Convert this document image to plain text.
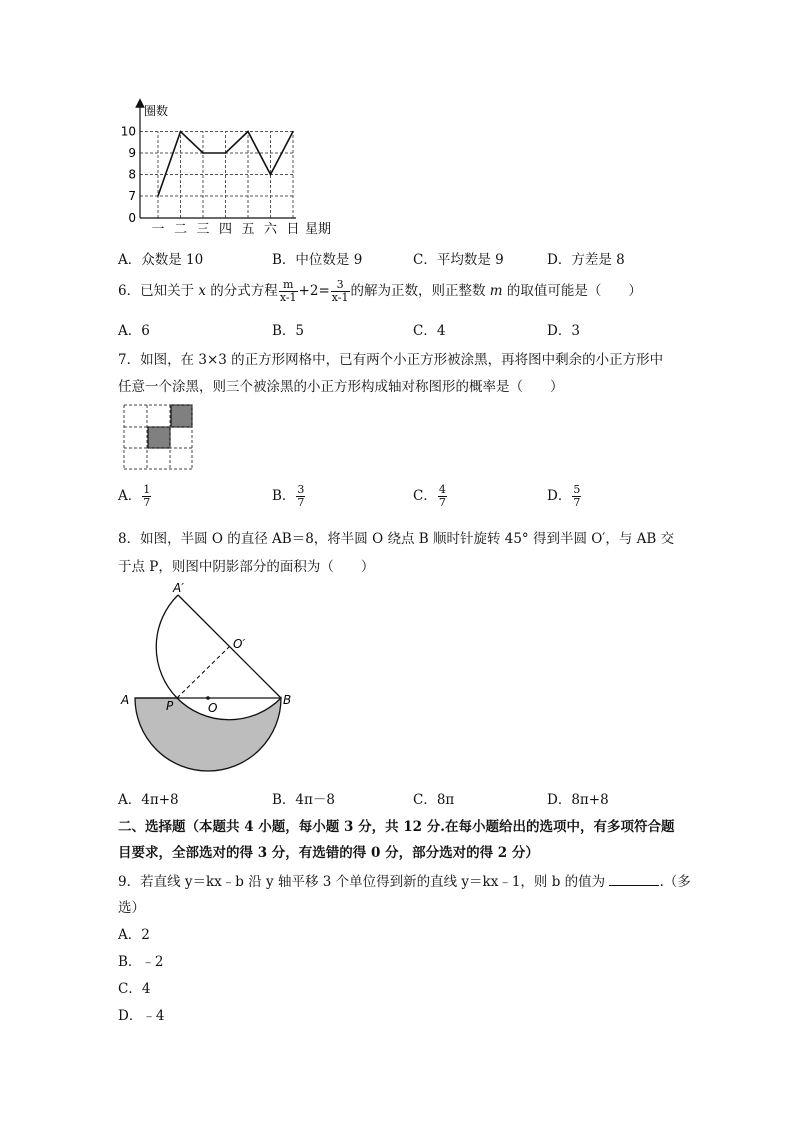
圈数
10
9
8
7
0
一 二 三 四 五 六 日 星期
A．众数是 10	B．中位数是 9	C．平均数是 9	D．方差是 8
6．已知关于 x 的分式方程 $\frac{m}{x-1} +2= \frac{3}{x-1}$ 的解为正数，则正整数 m 的取值可能是（　　）
A．6	B．5	C．4	D．3
7．如图，在 3×3 的正方形网格中，已有两个小正方形被涂黑，再将图中剩余的小正方形中
任意一个涂黑，则三个被涂黑的小正方形构成轴对称图形的概率是（　　）
A． $\frac{1}{7}$	B． $\frac{3}{7}$	C． $\frac{4}{7}$	D． $\frac{5}{7}$
8．如图，半圆 O 的直径 AB＝8，将半圆 O 绕点 B 顺时针旋转 45° 得到半圆 O′，与 AB 交
于点 P，则图中阴影部分的面积为（　　）
A′
O′
A	P	O
B
A．4π+8	B．4π－8	C．8π	D．8π+8
二、选择题（本题共 4 小题，每小题 3 分，共 12 分.在每小题给出的选项中，有多项符合题
目要求，全部选对的得 3 分，有选错的得 0 分，部分选对的得 2 分）
9．若直线 y＝kx﹣b 沿 y 轴平移 3 个单位得到新的直线 y＝kx﹣1，则 b 的值为	.（多
选）
A．2
B．﹣2
C．4
D．﹣4
